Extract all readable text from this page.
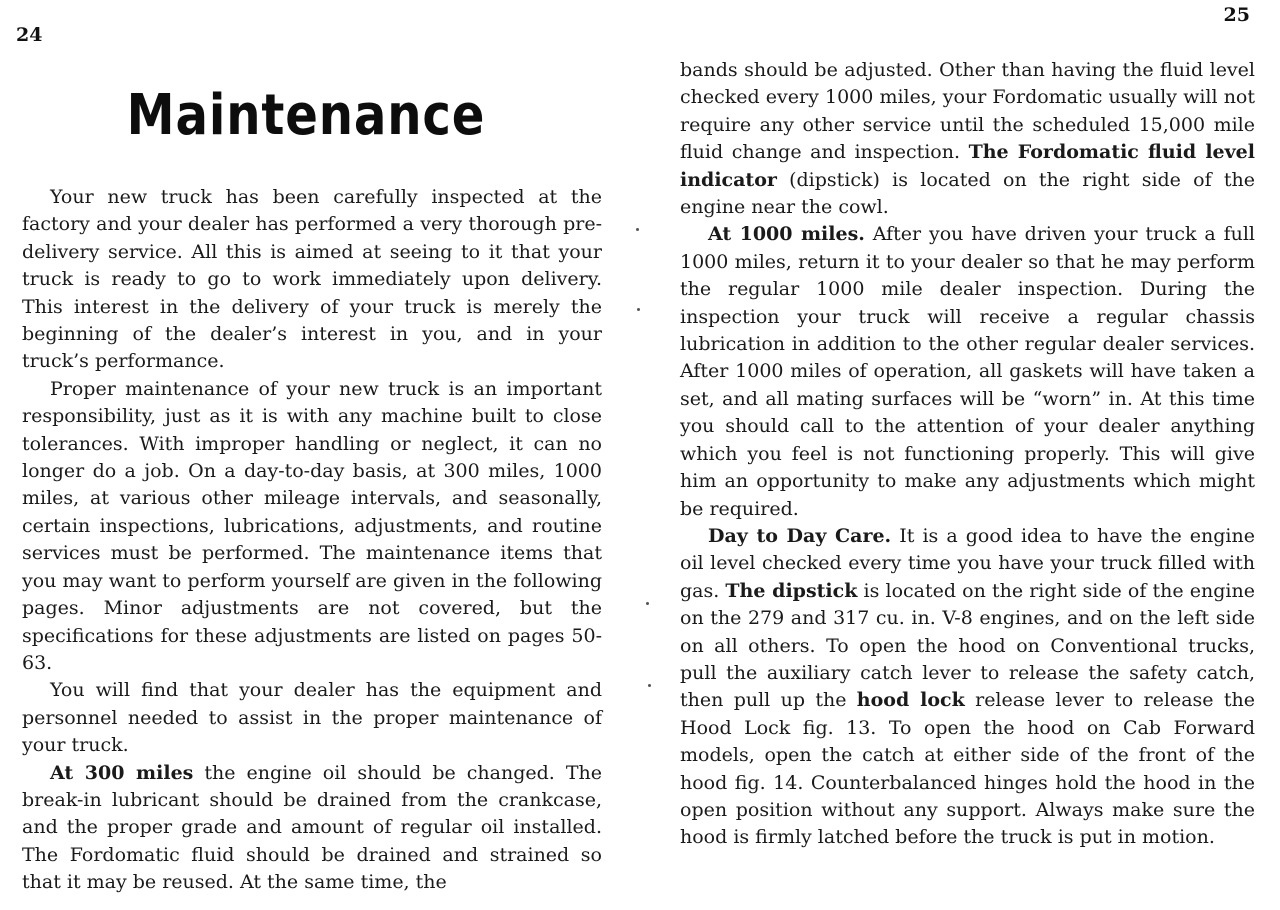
24
Maintenance

Your new truck has been carefully inspected at the factory and your dealer has performed a very thorough pre-delivery service. All this is aimed at seeing to it that your truck is ready to go to work immediately upon delivery. This interest in the delivery of your truck is merely the beginning of the dealer’s interest in you, and in your truck’s performance.

Proper maintenance of your new truck is an important responsibility, just as it is with any machine built to close tolerances. With improper handling or neglect, it can no longer do a job. On a day-to-day basis, at 300 miles, 1000 miles, at various other mileage intervals, and seasonally, certain inspections, lubrications, adjustments, and routine services must be performed. The maintenance items that you may want to perform yourself are given in the following pages. Minor adjustments are not covered, but the specifications for these adjustments are listed on pages 50-63.

You will find that your dealer has the equipment and personnel needed to assist in the proper maintenance of your truck.

At 300 miles the engine oil should be changed. The break-in lubricant should be drained from the crankcase, and the proper grade and amount of regular oil installed. The Fordomatic fluid should be drained and strained so that it may be reused. At the same time, the

25

bands should be adjusted. Other than having the fluid level checked every 1000 miles, your Fordomatic usually will not require any other service until the scheduled 15,000 mile fluid change and inspection. The Fordomatic fluid level indicator (dipstick) is located on the right side of the engine near the cowl.

At 1000 miles. After you have driven your truck a full 1000 miles, return it to your dealer so that he may perform the regular 1000 mile dealer inspection. During the inspection your truck will receive a regular chassis lubrication in addition to the other regular dealer services. After 1000 miles of operation, all gaskets will have taken a set, and all mating surfaces will be “worn” in. At this time you should call to the attention of your dealer anything which you feel is not functioning properly. This will give him an opportunity to make any adjustments which might be required.

Day to Day Care. It is a good idea to have the engine oil level checked every time you have your truck filled with gas. The dipstick is located on the right side of the engine on the 279 and 317 cu. in. V-8 engines, and on the left side on all others. To open the hood on Conventional trucks, pull the auxiliary catch lever to release the safety catch, then pull up the hood lock release lever to release the Hood Lock fig. 13. To open the hood on Cab Forward models, open the catch at either side of the front of the hood fig. 14. Counterbalanced hinges hold the hood in the open position without any support. Always make sure the hood is firmly latched before the truck is put in motion.
